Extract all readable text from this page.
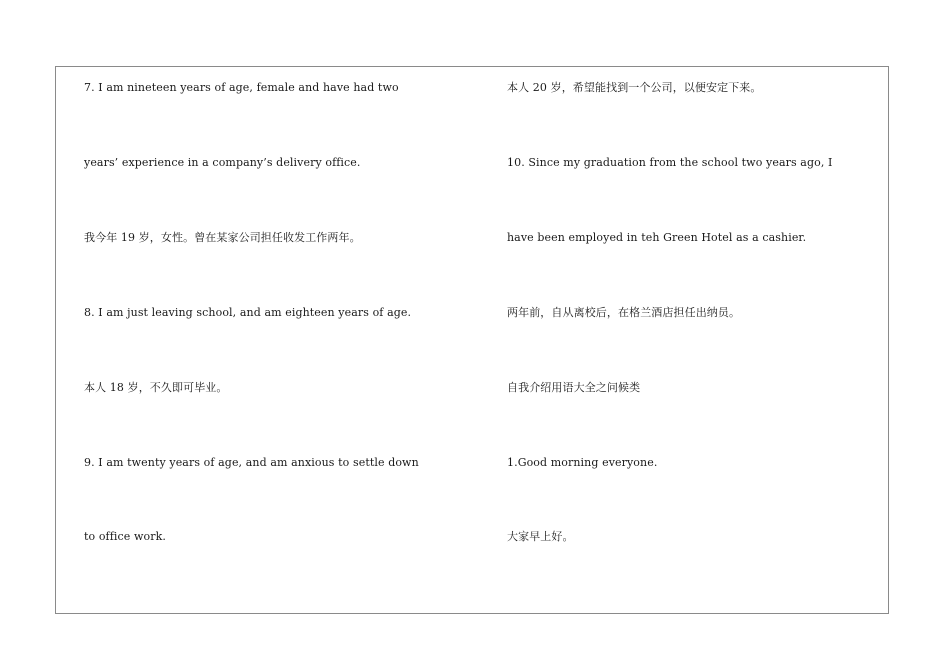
7. I am nineteen years of age, female and have had two
years’ experience in a company’s delivery office.
我今年 19 岁，女性。曾在某家公司担任收发工作两年。
8. I am just leaving school, and am eighteen years of age.
本人 18 岁，不久即可毕业。
9. I am twenty years of age, and am anxious to settle down
to office work.
本人 20 岁，希望能找到一个公司，以便安定下来。
10. Since my graduation from the school two years ago, I
have been employed in teh Green Hotel as a cashier.
两年前，自从离校后，在格兰酒店担任出纳员。
自我介绍用语大全之问候类
1.Good morning everyone.
大家早上好。
